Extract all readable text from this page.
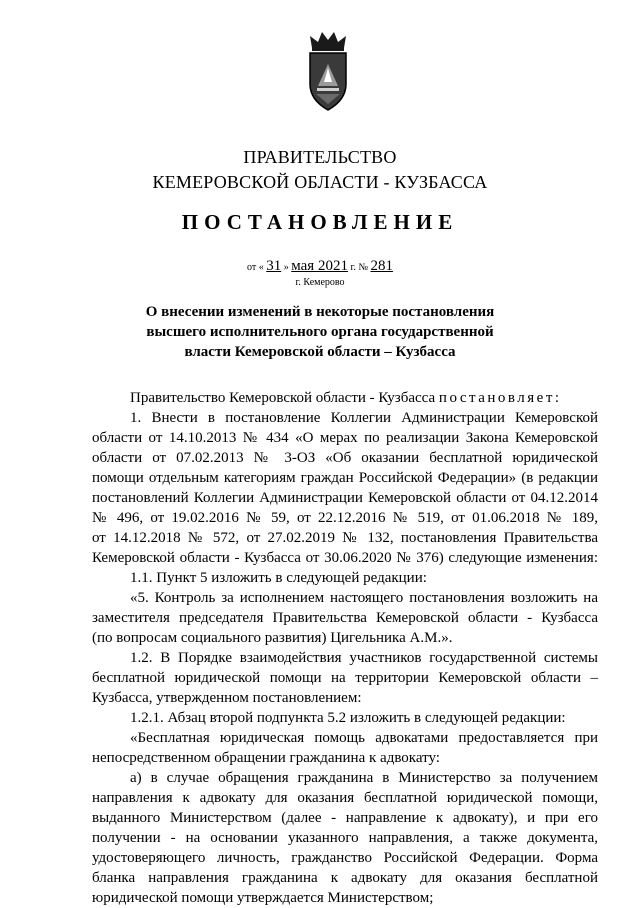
ПРАВИТЕЛЬСТВО
КЕМЕРОВСКОЙ ОБЛАСТИ - КУЗБАССА
ПОСТАНОВЛЕНИЕ
от « 31 » мая 2021 г. № 281
г. Кемерово
О внесении изменений в некоторые постановления
высшего исполнительного органа государственной
власти Кемеровской области – Кузбасса
Правительство Кемеровской области - Кузбасса постановляет:
1. Внести в постановление Коллегии Администрации Кемеровской
области от 14.10.2013 № 434 «О мерах по реализации Закона Кемеровской
области от 07.02.2013 № 3-ОЗ «Об оказании бесплатной юридической
помощи отдельным категориям граждан Российской Федерации» (в редакции
постановлений Коллегии Администрации Кемеровской области от 04.12.2014
№ 496, от 19.02.2016 № 59, от 22.12.2016 № 519, от 01.06.2018 № 189,
от 14.12.2018 № 572, от 27.02.2019 № 132, постановления Правительства
Кемеровской области - Кузбасса от 30.06.2020 № 376) следующие изменения:
1.1. Пункт 5 изложить в следующей редакции:
«5. Контроль за исполнением настоящего постановления возложить на
заместителя председателя Правительства Кемеровской области - Кузбасса
(по вопросам социального развития) Цигельника А.М.».
1.2. В Порядке взаимодействия участников государственной системы
бесплатной юридической помощи на территории Кемеровской области –
Кузбасса, утвержденном постановлением:
1.2.1. Абзац второй подпункта 5.2 изложить в следующей редакции:
«Бесплатная юридическая помощь адвокатами предоставляется при
непосредственном обращении гражданина к адвокату:
а) в случае обращения гражданина в Министерство за получением
направления к адвокату для оказания бесплатной юридической помощи,
выданного Министерством (далее - направление к адвокату), и при его
получении - на основании указанного направления, а также документа,
удостоверяющего личность, гражданство Российской Федерации. Форма
бланка направления гражданина к адвокату для оказания бесплатной
юридической помощи утверждается Министерством;
